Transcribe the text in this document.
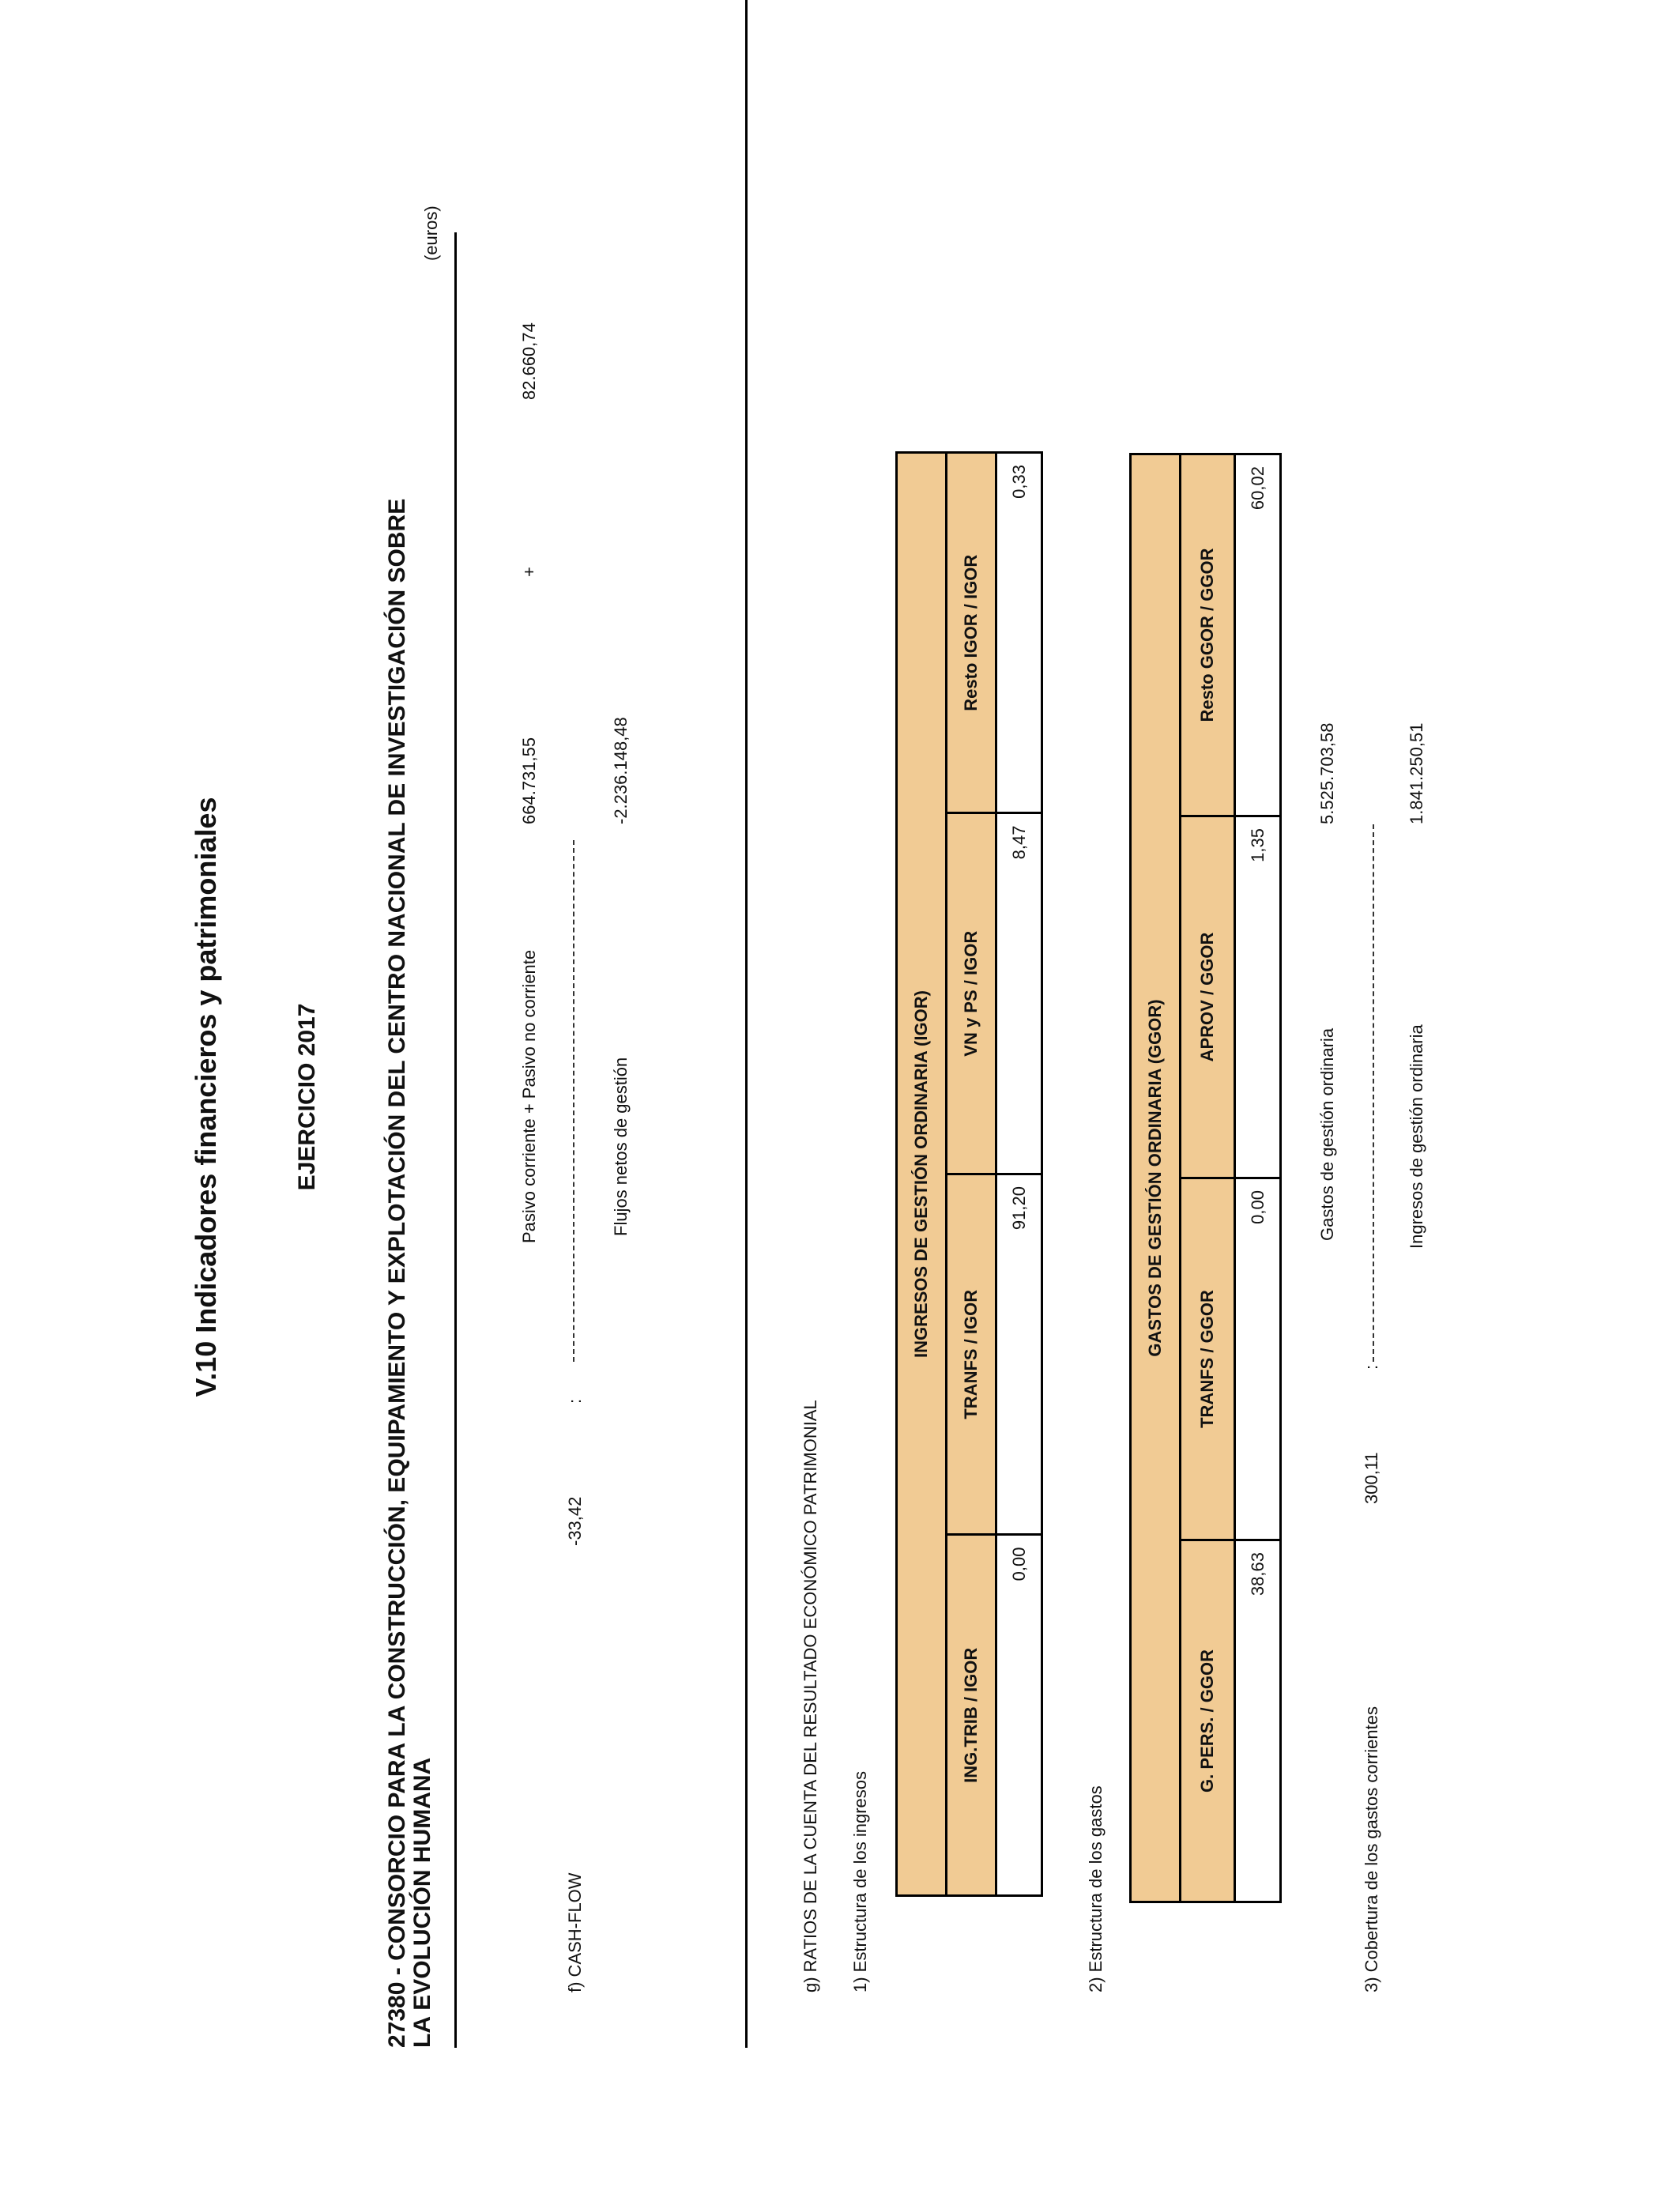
V.10 Indicadores financieros y patrimoniales	EJERCICIO 2017	27380 - CONSORCIO PARA LA CONSTRUCCIÓN, EQUIPAMIENTO Y EXPLOTACIÓN DEL CENTRO NACIONAL DE INVESTIGACIÓN SOBRE LA EVOLUCIÓN HUMANA
(euros)
f) CASH-FLOW
-33,42
:
Pasivo corriente + Pasivo no corriente
664.731,55
+
82.660,74
Flujos netos de gestión
-2.236.148,48
g) RATIOS DE LA CUENTA DEL RESULTADO ECONÓMICO PATRIMONIAL 1) Estructura de los ingresos
INGRESOS DE GESTIÓN ORDINARIA (IGOR)			
ING.TRIB / IGOR	TRANFS / IGOR	VN y PS / IGOR	Resto IGOR / IGOR
0,00	91,20	8,47	0,33
2) Estructura de los gastos
GASTOS DE GESTIÓN ORDINARIA (GGOR)			
G. PERS. / GGOR	TRANFS / GGOR	APROV / GGOR	Resto GGOR / GGOR
38,63	0,00	1,35	60,02
3) Cobertura de los gastos corrientes
300,11
:
Gastos de gestión ordinaria
5.525.703,58
Ingresos de gestión ordinaria
1.841.250,51
